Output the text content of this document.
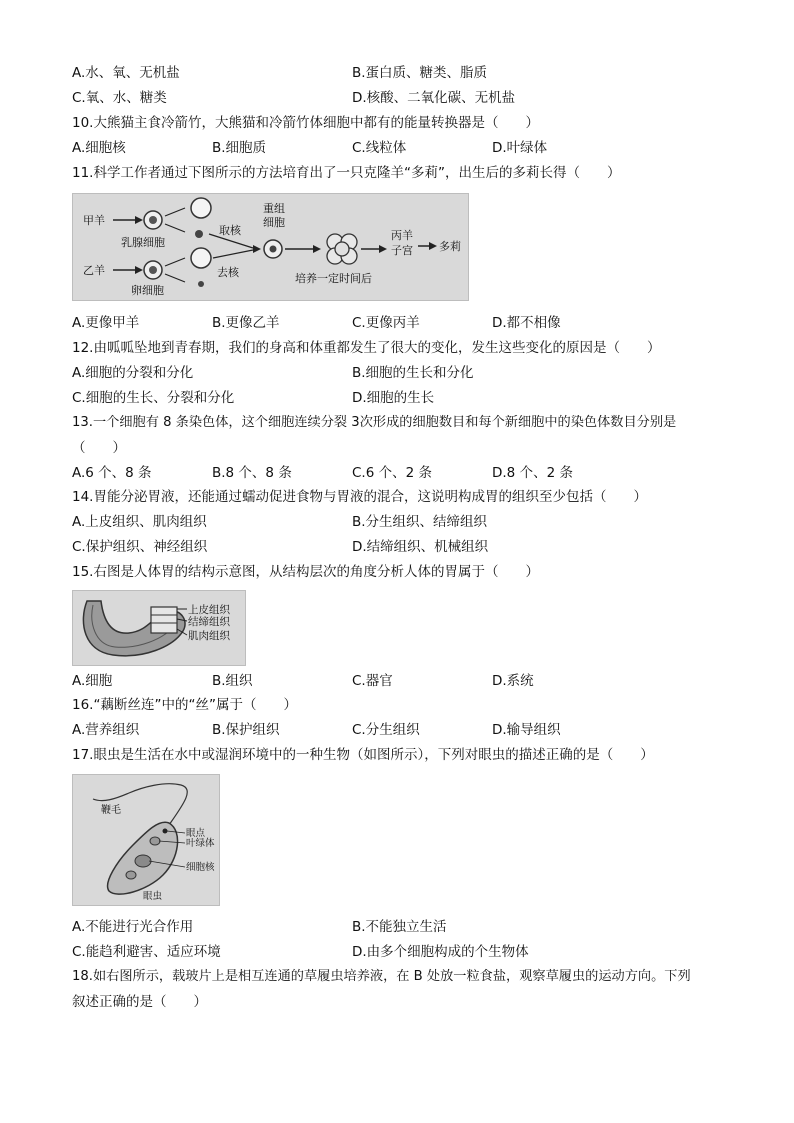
A.水、氧、无机盐	B.蛋白质、糖类、脂质
C.氧、水、糖类	D.核酸、二氧化碳、无机盐
10.大熊猫主食冷箭竹，大熊猫和冷箭竹体细胞中都有的能量转换器是（　　）
A.细胞核	B.细胞质	C.线粒体	D.叶绿体
11.科学工作者通过下图所示的方法培育出了一只克隆羊“多莉”，出生后的多莉长得（　　）
甲羊
乳腺细胞
取核
乙羊
卵细胞
去核
重组
细胞
培养一定时间后
丙羊
子宫 多莉
A.更像甲羊	B.更像乙羊	C.更像丙羊	D.都不相像
12.由呱呱坠地到青春期，我们的身高和体重都发生了很大的变化，发生这些变化的原因是（　　）
A.细胞的分裂和分化	B.细胞的生长和分化
C.细胞的生长、分裂和分化	D.细胞的生长
13.一个细胞有 8 条染色体，这个细胞连续分裂 3次形成的细胞数目和每个新细胞中的染色体数目分别是
（　　）
A.6 个、8 条	B.8 个、8 条	C.6 个、2 条	D.8 个、2 条
14.胃能分泌胃液，还能通过蠕动促进食物与胃液的混合，这说明构成胃的组织至少包括（　　）
A.上皮组织、肌肉组织	B.分生组织、结缔组织
C.保护组织、神经组织	D.结缔组织、机械组织
15.右图是人体胃的结构示意图，从结构层次的角度分析人体的胃属于（　　）
上皮组织
结缔组织
肌肉组织
A.细胞	B.组织	C.器官	D.系统
16.“藕断丝连”中的“丝”属于（　　）
A.营养组织	B.保护组织	C.分生组织	D.输导组织
17.眼虫是生活在水中或湿润环境中的一种生物（如图所示），下列对眼虫的描述正确的是（　　）
鞭毛
眼点
叶绿体
细胞核
眼虫
A.不能进行光合作用	B.不能独立生活
C.能趋利避害、适应环境	D.由多个细胞构成的个生物体
18.如右图所示，载玻片上是相互连通的草履虫培养液，在 B 处放一粒食盐，观察草履虫的运动方向。下列
叙述正确的是（　　）
